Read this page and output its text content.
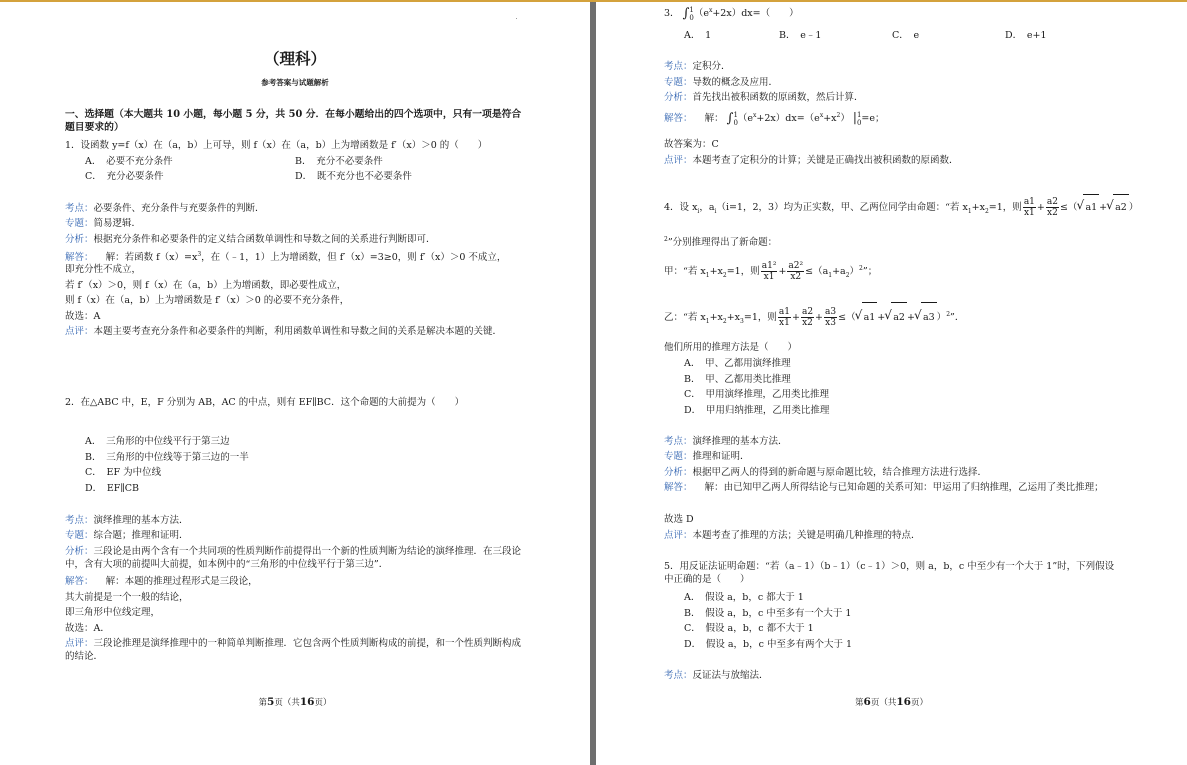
（理科）
参考答案与试题解析
一、选择题（本大题共 10 小题，每小题 5 分，共 50 分．在每小题给出的四个选项中，只有一项是符合题目要求的）
1．设函数 y=f（x）在（a，b）上可导，则 f（x）在（a，b）上为增函数是 f′（x）＞0 的（　　）
A．　必要不充分条件	B．　充分不必要条件
C．　充分必要条件	D．　既不充分也不必要条件
考点：必要条件、充分条件与充要条件的判断．
专题：简易逻辑．
分析：根据充分条件和必要条件的定义结合函数单调性和导数之间的关系进行判断即可．
解答： 解：若函数 $f(x)=x^3$，在（﹣1，1）上为增函数，但 f′（x）=3≥0，则 f′（x）＞0 不成立，
即充分性不成立，
若 f′（x）＞0，则 f（x）在（a，b）上为增函数，即必要性成立，
则 f（x）在（a，b）上为增函数是 f′（x）＞0 的必要不充分条件，
故选：A
点评：本题主要考查充分条件和必要条件的判断，利用函数单调性和导数之间的关系是解决本题的关键．
2．在△ABC 中，E，F 分别为 AB，AC 的中点，则有 EF∥BC．这个命题的大前提为（　　）
A．　三角形的中位线平行于第三边
B．　三角形的中位线等于第三边的一半
C．　EF 为中位线
D．　EF∥CB
考点：演绎推理的基本方法．
专题：综合题；推理和证明．
分析：三段论是由两个含有一个共同项的性质判断作前提得出一个新的性质判断为结论的演绎推理．在三段论中，含有大项的前提叫大前提，如本例中的“三角形的中位线平行于第三边”．
解答： 解：本题的推理过程形式是三段论，
其大前提是一个一般的结论，
即三角形中位线定理，
故选：A．
点评：三段论推理是演绎推理中的一种简单判断推理．它包含两个性质判断构成的前提，和一个性质判断构成的结论．
第5页（共16页）
3． ∫1
$0(e^x+2x)dx=$（　　）
A．　1	B．　e﹣1	C．　e	D．　e+1
考点：定积分．
专题：导数的概念及应用．
分析：首先找出被积函数的原函数，然后计算．
解答： 解： ∫1
$0(e^x+2x)dx=(e^x+x^2)$ |1
0=e；
故答案为：C
点评：本题考查了定积分的计算；关键是正确找出被积函数的原函数．
4．设 $x_i$，$a_i(i=1$，2，3）均为正实数，甲、乙两位同学由命题：“若 $x_1+x_2=1$，则 $\frac{a1}{x1} + \frac{a2}{x2}$ ≤（ √ a1 + √ a2 ）
$^2$”分别推理得出了新命题：
甲：“若 $x_1+x_2=1$，则 $\frac{\text{a1²}}{x1} + \frac{\text{a2²}}{x2} \le(a_1+a_2)^2$”；
乙：“若 $x_1+x_2+x_3=1$，则 $\frac{a1}{x1} + \frac{a2}{x2} + \frac{a3}{x3}$ ≤（ √ a1 + √ a2 + √ a3 ）$^2$”．
他们所用的推理方法是（　　）
A．　甲、乙都用演绎推理
B．　甲、乙都用类比推理
C．　甲用演绎推理，乙用类比推理
D．　甲用归纳推理，乙用类比推理
考点：演绎推理的基本方法．
专题：推理和证明．
分析：根据甲乙两人的得到的新命题与原命题比较，结合推理方法进行选择．
解答： 解：由已知甲乙两人所得结论与已知命题的关系可知：甲运用了归纳推理，乙运用了类比推理；
故选 D
点评：本题考查了推理的方法；关键是明确几种推理的特点．
5．用反证法证明命题：“若（a﹣1）（b﹣1）（c﹣1）＞0，则 a，b，c 中至少有一个大于 1”时，下列假设中正确的是（　　）
A．　假设 a，b，c 都大于 1
B．　假设 a，b，c 中至多有一个大于 1
C．　假设 a，b，c 都不大于 1
D．　假设 a，b，c 中至多有两个大于 1
考点：反证法与放缩法．
第6页（共16页）
